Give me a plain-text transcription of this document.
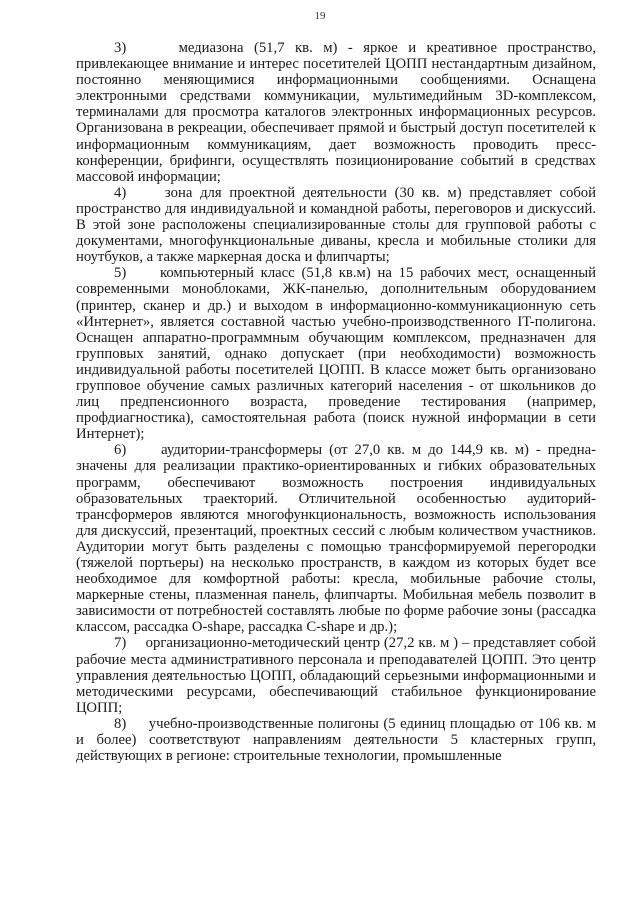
19

3)     медиазона (51,7 кв. м) - яркое и креативное пространство, привлекающее внимание и интерес посетителей ЦОПП нестандартным дизайном, постоянно меняющимися информационными сообщениями. Оснащена электронными средствами коммуникации, мультимедийным 3D-комплексом, терминалами для просмотра каталогов электронных информационных ресурсов. Организована в рекреации, обеспечивает прямой и быстрый доступ посетителей к информационным коммуникациям, дает возможность проводить пресс-конференции, брифинги, осуществлять позиционирование событий в средствах массовой информации;

4)     зона для проектной деятельности (30 кв. м) представляет собой пространство для индивидуальной и командной работы, переговоров и дискуссий. В этой зоне расположены специализированные столы для групповой работы с документами, многофункциональные диваны, кресла и мобильные столики для ноутбуков, а также маркерная доска и флипчарты;

5)     компьютерный класс (51,8 кв.м) на 15 рабочих мест, оснащенный современными моноблоками, ЖК-панелью, дополнительным оборудованием (принтер, сканер и др.) и выходом в информационно-коммуникационную сеть «Интернет», является составной частью учебно-производственного IT-полигона. Оснащен аппаратно-программным обучающим комплексом, предназначен для групповых занятий, однако допускает (при необходимости) возможность индивидуальной работы посетителей ЦОПП. В классе может быть организовано групповое обучение самых различных категорий населения - от школьников до лиц предпенсионного возраста, проведение тестирования (например, профдиагностика), самостоятельная работа (поиск нужной информации в сети Интернет);

6)     аудитории-трансформеры (от 27,0 кв. м до 144,9 кв. м) - предна-значены для реализации практико-ориентированных и гибких образовательных программ, обеспечивают возможность построения индивидуальных образовательных траекторий. Отличительной особенностью аудиторий-трансформеров являются многофункциональность, возможность использования для дискуссий, презентаций, проектных сессий с любым количеством участников. Аудитории могут быть разделены с помощью трансформируемой перегородки (тяжелой портьеры) на несколько пространств, в каждом из которых будет все необходимое для комфортной работы: кресла, мобильные рабочие столы, маркерные стены, плазменная панель, флипчарты. Мобильная мебель позволит в зависимости от потребностей составлять любые по форме рабочие зоны (рассадка классом, рассадка O-shape, рассадка C-shape и др.);

7)     организационно-методический центр (27,2 кв. м ) – представляет собой рабочие места административного персонала и преподавателей ЦОПП. Это центр управления деятельностью ЦОПП, обладающий серьезными информационными и методическими ресурсами, обеспечивающий стабильное функционирование ЦОПП;

8)     учебно-производственные полигоны (5 единиц площадью от 106 кв. м и более) соответствуют направлениям деятельности 5 кластерных групп, действующих в регионе: строительные технологии, промышленные
